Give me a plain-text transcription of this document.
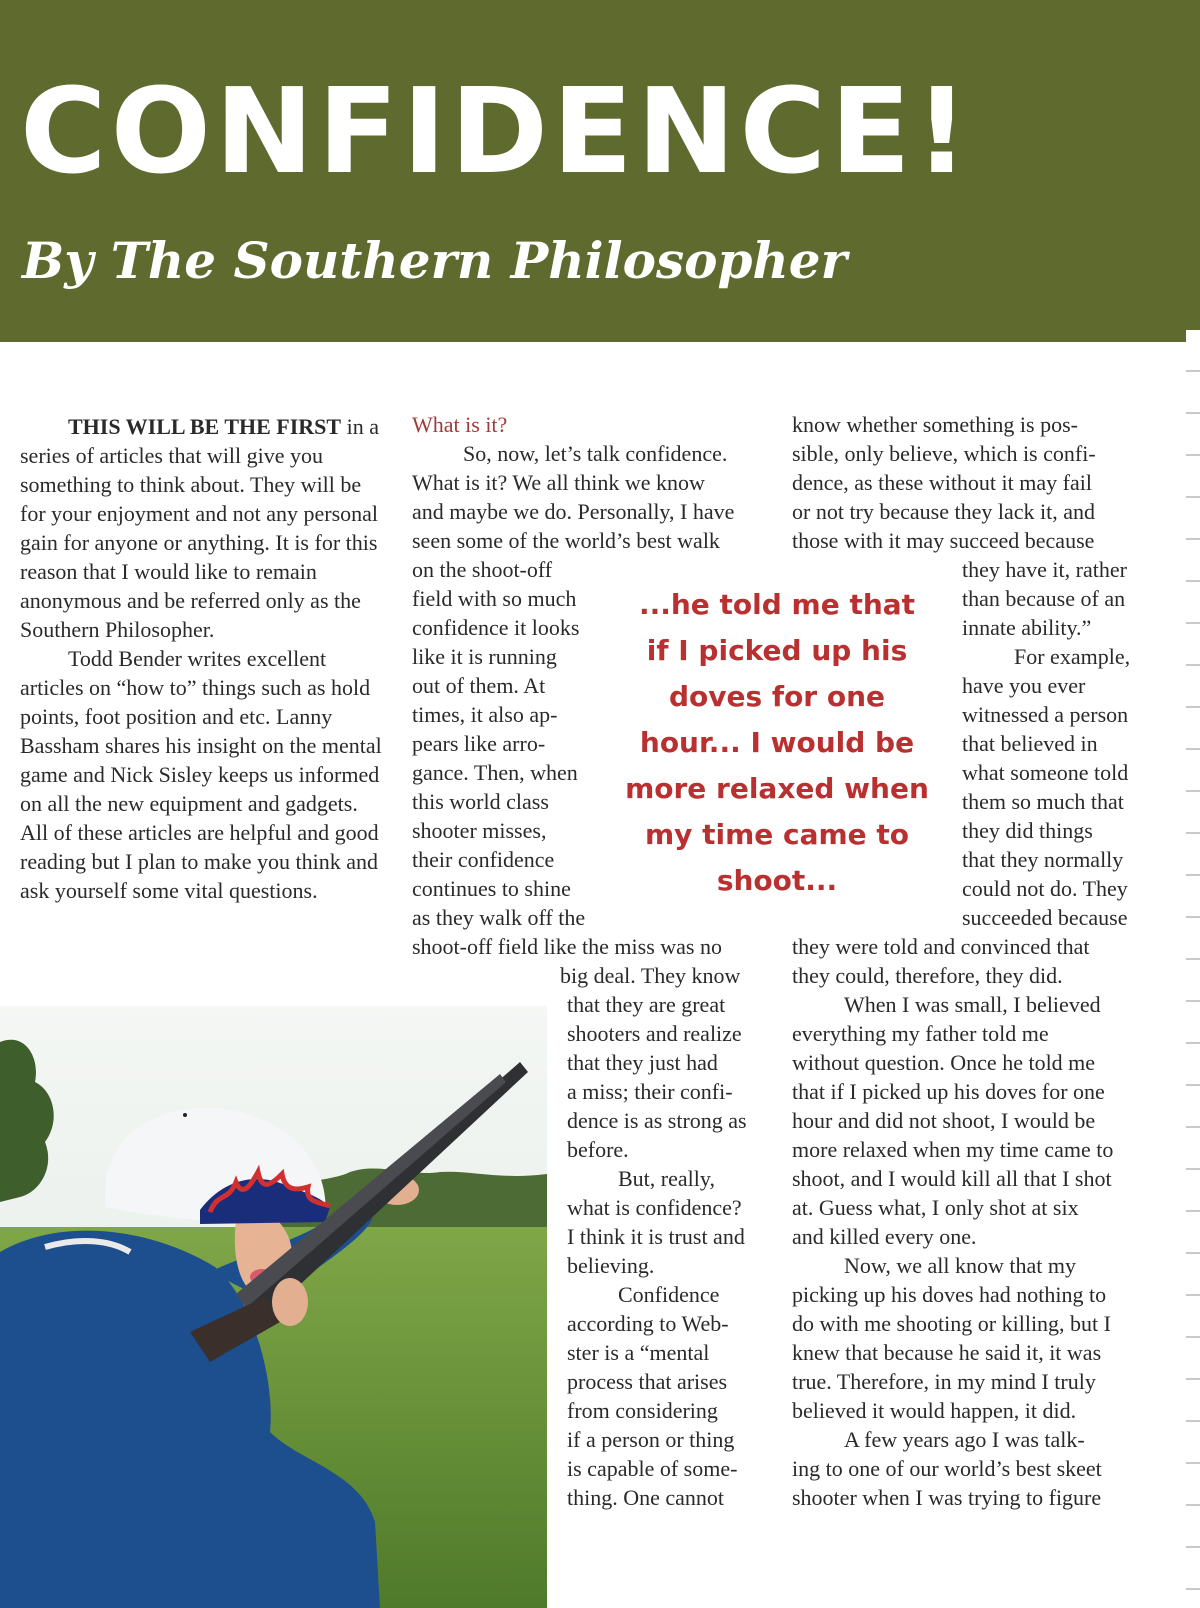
CONFIDENCE!
By The Southern Philosopher
THIS WILL BE THE FIRST in a series of articles that will give you something to think about. They will be for your enjoyment and not any personal gain for anyone or anything. It is for this reason that I would like to remain anonymous and be referred only as the Southern Philosopher.
Todd Bender writes excellent articles on “how to” things such as hold points, foot position and etc. Lanny Bassham shares his insight on the mental game and Nick Sisley keeps us informed on all the new equipment and gadgets. All of these articles are helpful and good reading but I plan to make you think and ask yourself some vital questions.
What is it?
So, now, let’s talk confidence.
What is it? We all think we know
and maybe we do. Personally, I have
seen some of the world’s best walk
on the shoot-off
field with so much
confidence it looks
like it is running
out of them. At
times, it also ap-
pears like arro-
gance. Then, when
this world class
shooter misses,
their confidence
continues to shine
as they walk off the
shoot-off field like the miss was no
big deal. They know
that they are great
shooters and realize
that they just had
a miss; their confi-
dence is as strong as
before.
But, really,
what is confidence?
I think it is trust and
believing.
Confidence
according to Web-
ster is a “mental
process that arises
from considering
if a person or thing
is capable of some-
thing. One cannot
...he told me that
if I picked up his
doves for one
hour... I would be
more relaxed when
my time came to
shoot...
know whether something is pos-
sible, only believe, which is confi-
dence, as these without it may fail
or not try because they lack it, and
those with it may succeed because
they have it, rather
than because of an
innate ability.”
For example,
have you ever
witnessed a person
that believed in
what someone told
them so much that
they did things
that they normally
could not do. They
succeeded because
they were told and convinced that
they could, therefore, they did.
When I was small, I believed
everything my father told me
without question. Once he told me
that if I picked up his doves for one
hour and did not shoot, I would be
more relaxed when my time came to
shoot, and I would kill all that I shot
at. Guess what, I only shot at six
and killed every one.
Now, we all know that my
picking up his doves had nothing to
do with me shooting or killing, but I
knew that because he said it, it was
true. Therefore, in my mind I truly
believed it would happen, it did.
A few years ago I was talk-
ing to one of our world’s best skeet
shooter when I was trying to figure
